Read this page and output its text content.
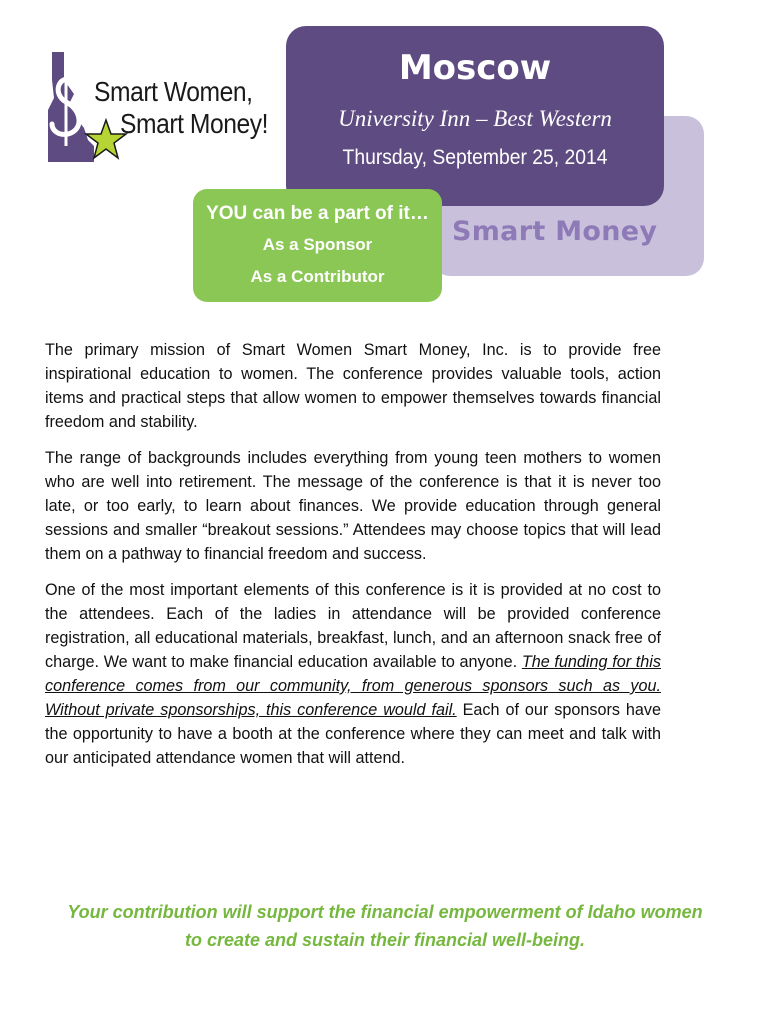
Smart Women,
Smart Money!
Smart Money
Moscow
University Inn – Best Western
Thursday, September 25, 2014
YOU can be a part of it…
As a Sponsor
As a Contributor

The primary mission of Smart Women Smart Money, Inc. is to provide free inspirational education to women. The conference provides valuable tools, action items and practical steps that allow women to empower themselves towards financial freedom and stability.

The range of backgrounds includes everything from young teen mothers to women who are well into retirement. The message of the conference is that it is never too late, or too early, to learn about finances. We provide education through general sessions and smaller “breakout sessions.” Attendees may choose topics that will lead them on a pathway to financial freedom and success.

One of the most important elements of this conference is it is provided at no cost to the attendees. Each of the ladies in attendance will be provided conference registration, all educational materials, breakfast, lunch, and an afternoon snack free of charge. We want to make financial education available to anyone. The funding for this conference comes from our community, from generous sponsors such as you. Without private sponsorships, this conference would fail. Each of our sponsors have the opportunity to have a booth at the conference where they can meet and talk with our anticipated attendance women that will attend.

Your contribution will support the financial empowerment of Idaho women
to create and sustain their financial well-being.
